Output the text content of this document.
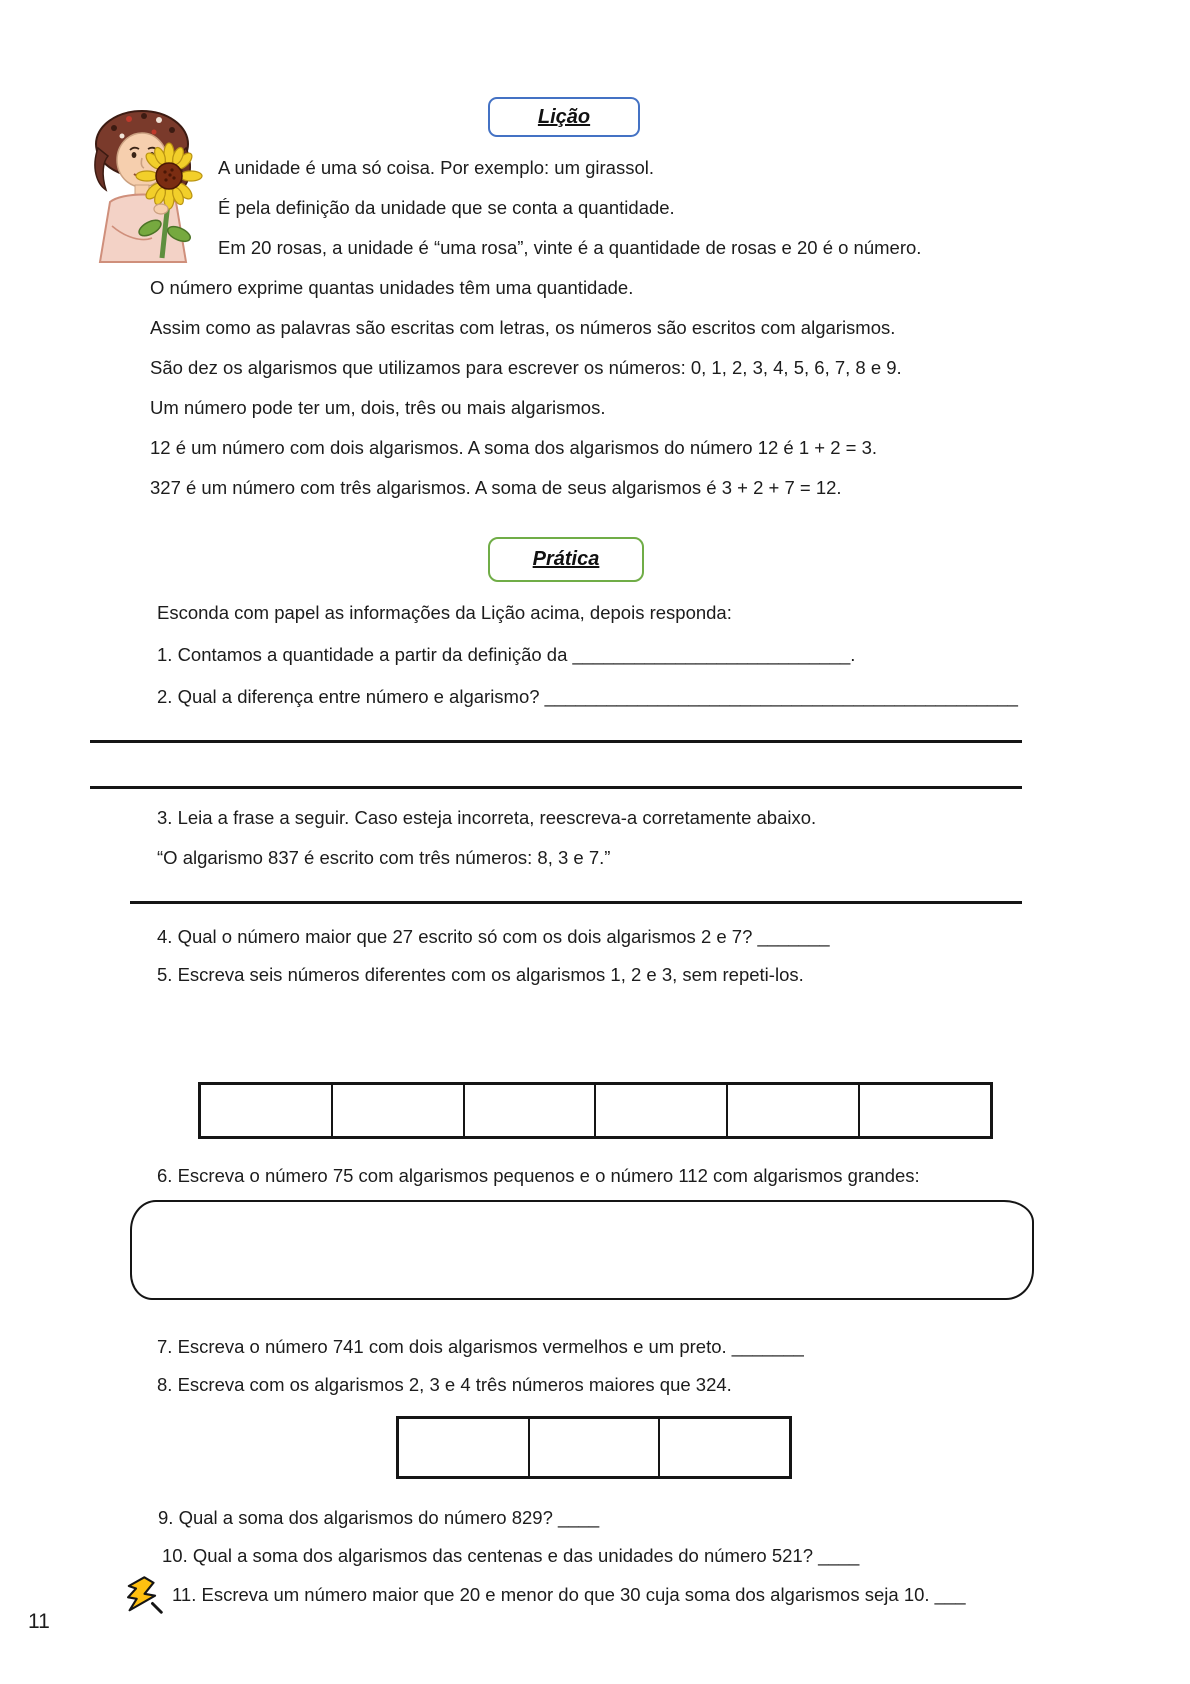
Lição
A unidade é uma só coisa. Por exemplo: um girassol.
É pela definição da unidade que se conta a quantidade.
Em 20 rosas, a unidade é “uma rosa”, vinte é a quantidade de rosas e 20 é o número.
O número exprime quantas unidades têm uma quantidade.
Assim como as palavras são escritas com letras, os números são escritos com algarismos.
São dez os algarismos que utilizamos para escrever os números: 0, 1, 2, 3, 4, 5, 6, 7, 8 e 9.
Um número pode ter um, dois, três ou mais algarismos.
12 é um número com dois algarismos. A soma dos algarismos do número 12 é 1 + 2 = 3.
327 é um número com três algarismos. A soma de seus algarismos é 3 + 2 + 7 = 12.
Prática
Esconda com papel as informações da Lição acima, depois responda:
1. Contamos a quantidade a partir da definição da ___________________________.
2. Qual a diferença entre número e algarismo? ______________________________________________
3. Leia a frase a seguir. Caso esteja incorreta, reescreva-a corretamente abaixo.
“O algarismo 837 é escrito com três números: 8, 3 e 7.”
4. Qual o número maior que 27 escrito só com os dois algarismos 2 e 7? _______
5. Escreva seis números diferentes com os algarismos 1, 2 e 3, sem repeti-los.
6. Escreva o número 75 com algarismos pequenos e o número 112 com algarismos grandes:
7. Escreva o número 741 com dois algarismos vermelhos e um preto. _______
8. Escreva com os algarismos 2, 3 e 4 três números maiores que 324.
9. Qual a soma dos algarismos do número 829? ____
10. Qual a soma dos algarismos das centenas e das unidades do número 521? ____
11. Escreva um número maior que 20 e menor do que 30 cuja soma dos algarismos seja 10. ___
11
